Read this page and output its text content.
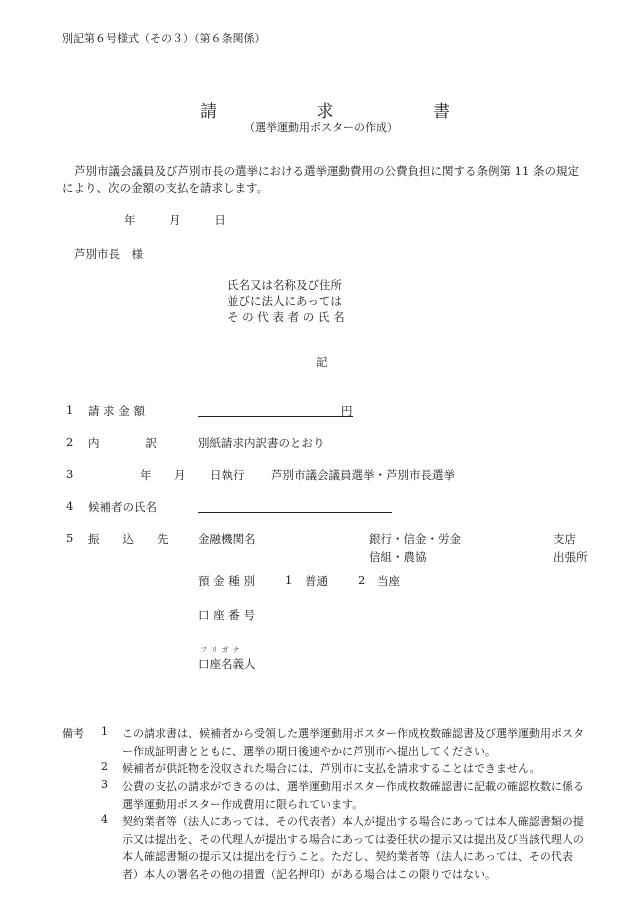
別記第６号様式（その３）（第６条関係）
請	求	書
（選挙運動用ポスターの作成）
芦別市議会議員及び芦別市長の選挙における選挙運動費用の公費負担に関する条例第 11 条の規定により、次の金額の支払を請求します。
年	月	日
芦別市長　様
氏名又は名称及び住所
並びに法人にあっては
そ の 代 表 者 の 氏 名
記
1 請 求 金 額	円
2 内　　　　訳	別紙請求内訳書のとおり
3	年 月 日執行 芦別市議会議員選挙・芦別市長選挙
4 候補者の氏名
5 振　　込　　先	金融機関名	銀行・信金・労金
信組・農協
支店
出張所
預 金 種 別	1 普通	2 当座
口 座 番 号
フリガナ
口座名義人
備考 1 この請求書は、候補者から受領した選挙運動用ポスター作成枚数確認書及び選挙運動用ポスター作成証明書とともに、選挙の期日後速やかに芦別市へ提出してください。
2 候補者が供託物を没収された場合には、芦別市に支払を請求することはできません。
3 公費の支払の請求ができるのは、選挙運動用ポスター作成枚数確認書に記載の確認枚数に係る選挙運動用ポスター作成費用に限られています。
4 契約業者等（法人にあっては、その代表者）本人が提出する場合にあっては本人確認書類の提示又は提出を、その代理人が提出する場合にあっては委任状の提示又は提出及び当該代理人の本人確認書類の提示又は提出を行うこと。ただし、契約業者等（法人にあっては、その代表者）本人の署名その他の措置（記名押印）がある場合はこの限りではない。
